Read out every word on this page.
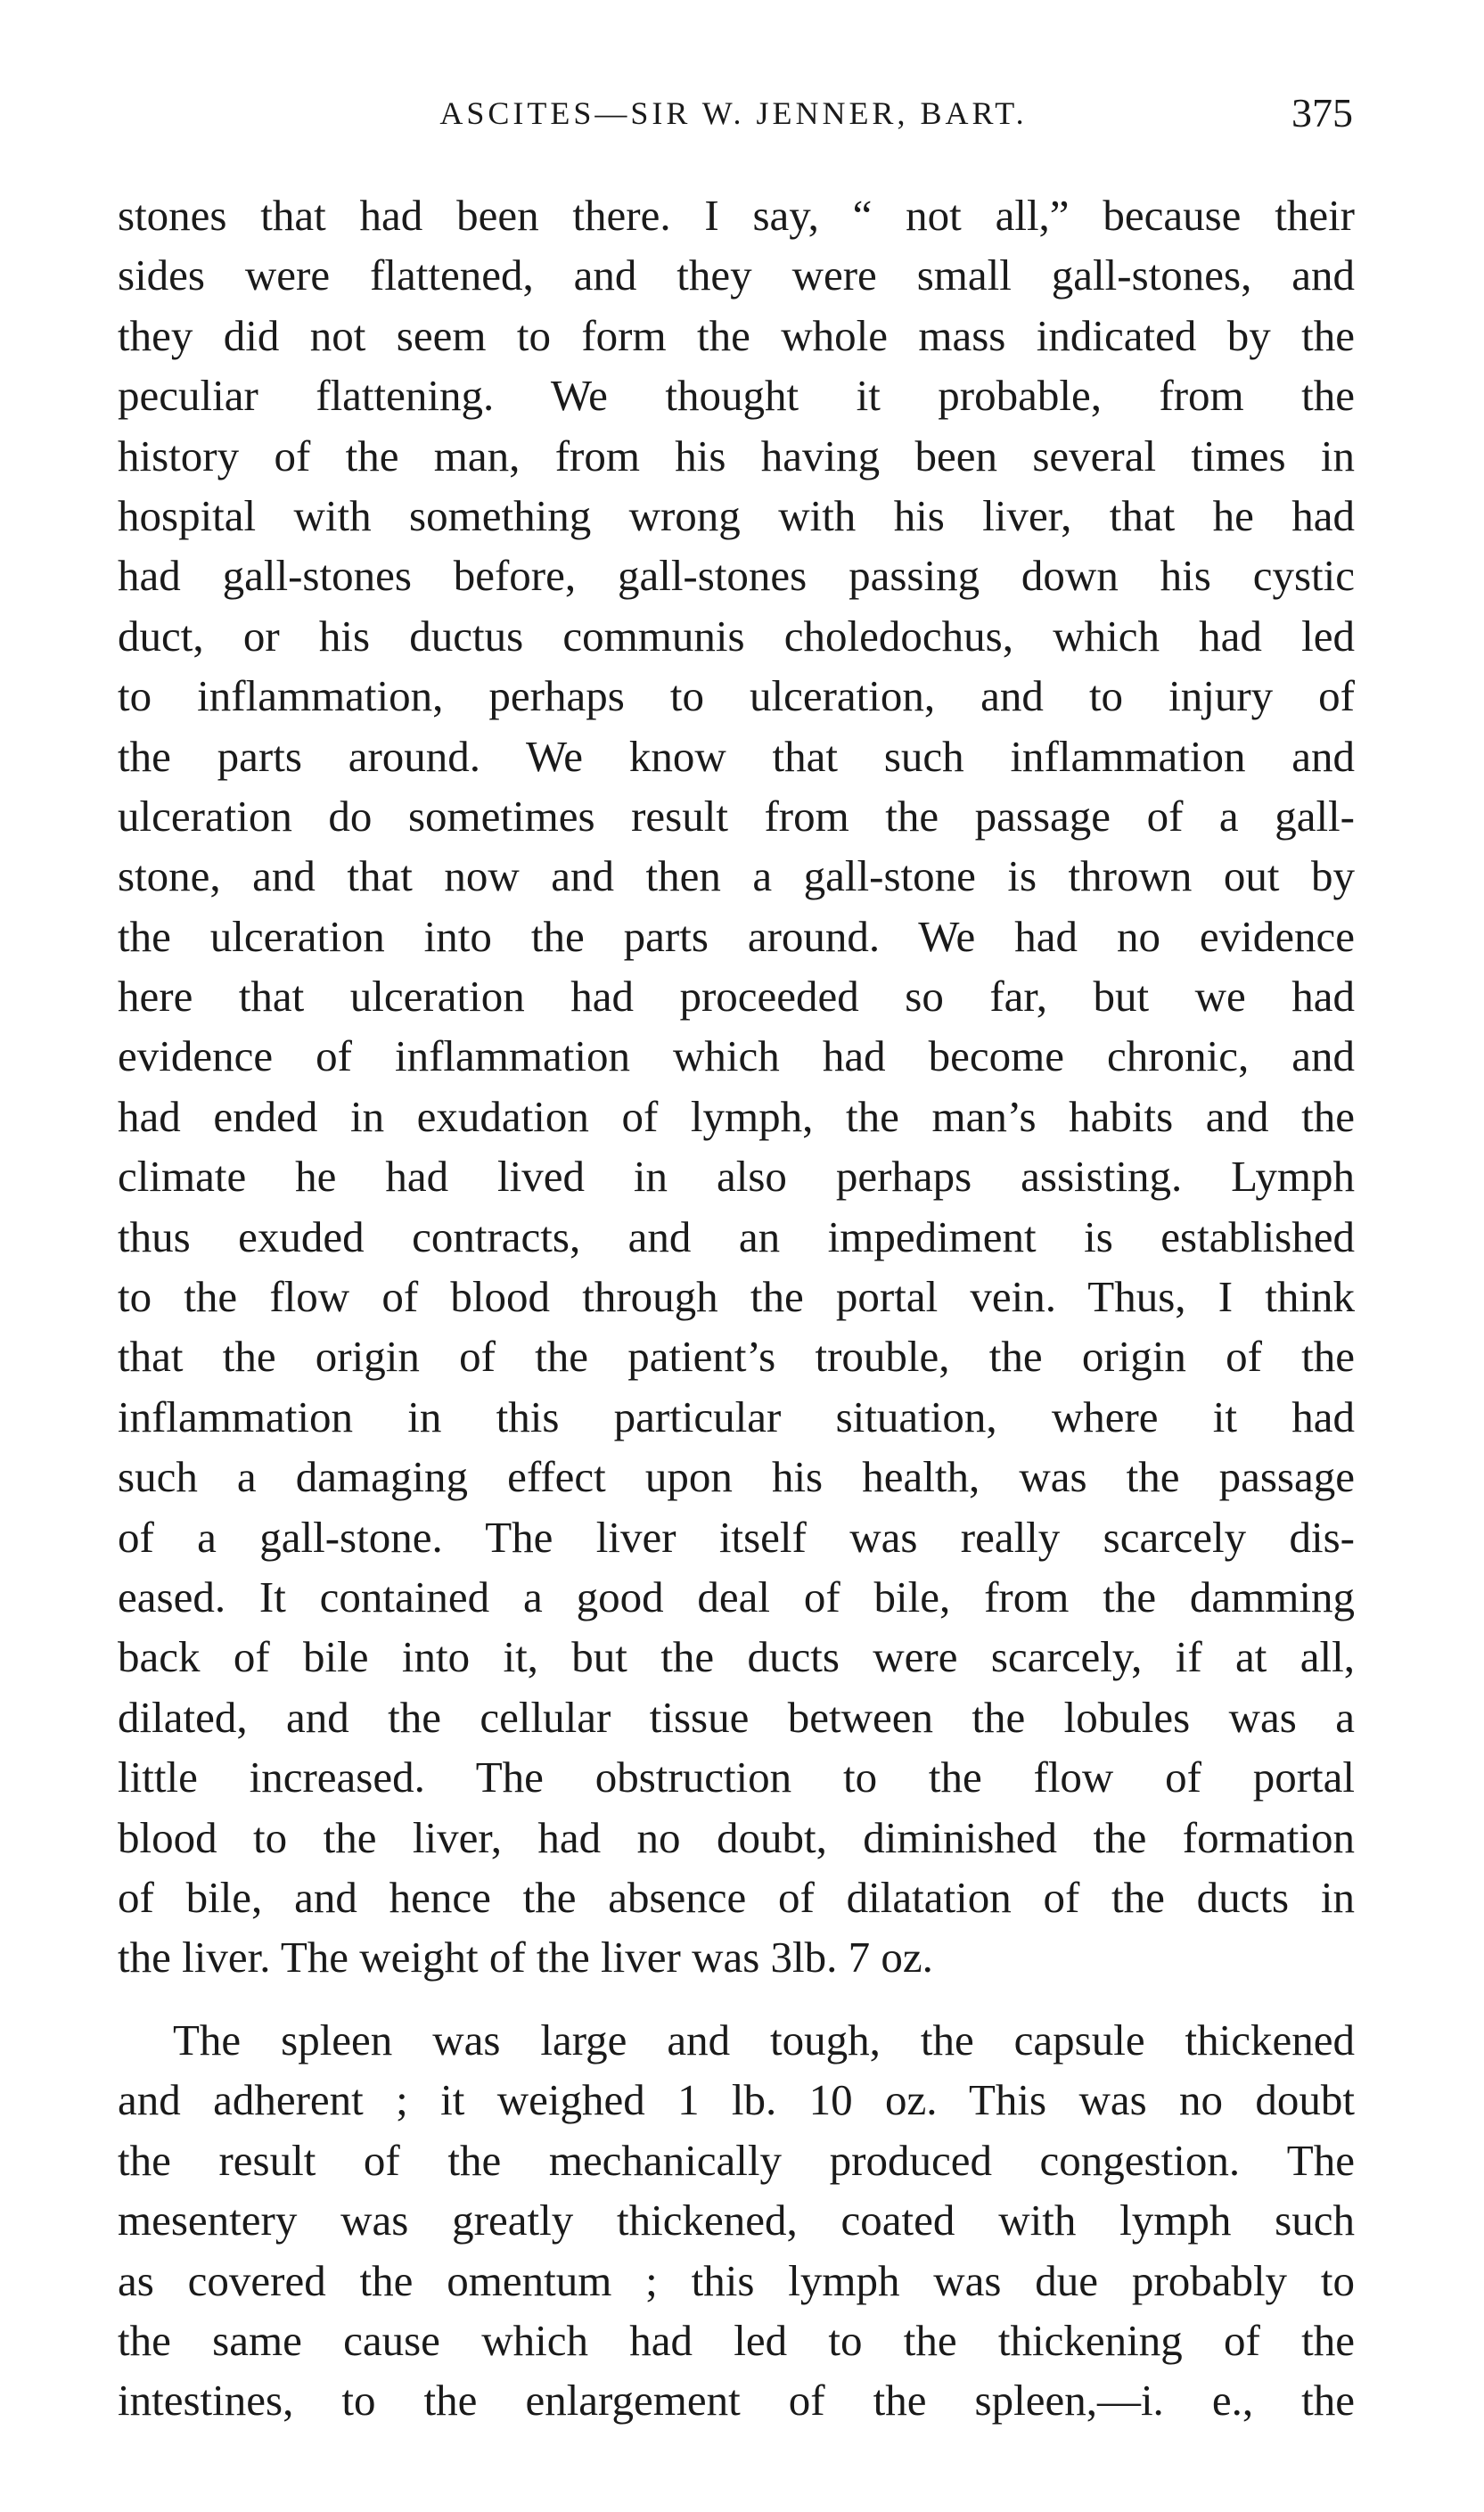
ASCITES—SIR W. JENNER, BART.	375
stones that had been there. I say, “ not all,” because their
sides were flattened, and they were small gall-stones, and
they did not seem to form the whole mass indicated by the
peculiar flattening. We thought it probable, from the
history of the man, from his having been several times in
hospital with something wrong with his liver, that he had
had gall-stones before, gall-stones passing down his cystic
duct, or his ductus communis choledochus, which had led
to inflammation, perhaps to ulceration, and to injury of
the parts around. We know that such inflammation and
ulceration do sometimes result from the passage of a gall-
stone, and that now and then a gall-stone is thrown out by
the ulceration into the parts around. We had no evidence
here that ulceration had proceeded so far, but we had
evidence of inflammation which had become chronic, and
had ended in exudation of lymph, the man’s habits and the
climate he had lived in also perhaps assisting. Lymph
thus exuded contracts, and an impediment is established
to the flow of blood through the portal vein. Thus, I think
that the origin of the patient’s trouble, the origin of the
inflammation in this particular situation, where it had
such a damaging effect upon his health, was the passage
of a gall-stone. The liver itself was really scarcely dis-
eased. It contained a good deal of bile, from the damming
back of bile into it, but the ducts were scarcely, if at all,
dilated, and the cellular tissue between the lobules was a
little increased. The obstruction to the flow of portal
blood to the liver, had no doubt, diminished the formation
of bile, and hence the absence of dilatation of the ducts in
the liver. The weight of the liver was 3lb. 7 oz.
The spleen was large and tough, the capsule thickened
and adherent ; it weighed 1 lb. 10 oz. This was no doubt
the result of the mechanically produced congestion. The
mesentery was greatly thickened, coated with lymph such
as covered the omentum ; this lymph was due probably to
the same cause which had led to the thickening of the
intestines, to the enlargement of the spleen,—i. e., the
